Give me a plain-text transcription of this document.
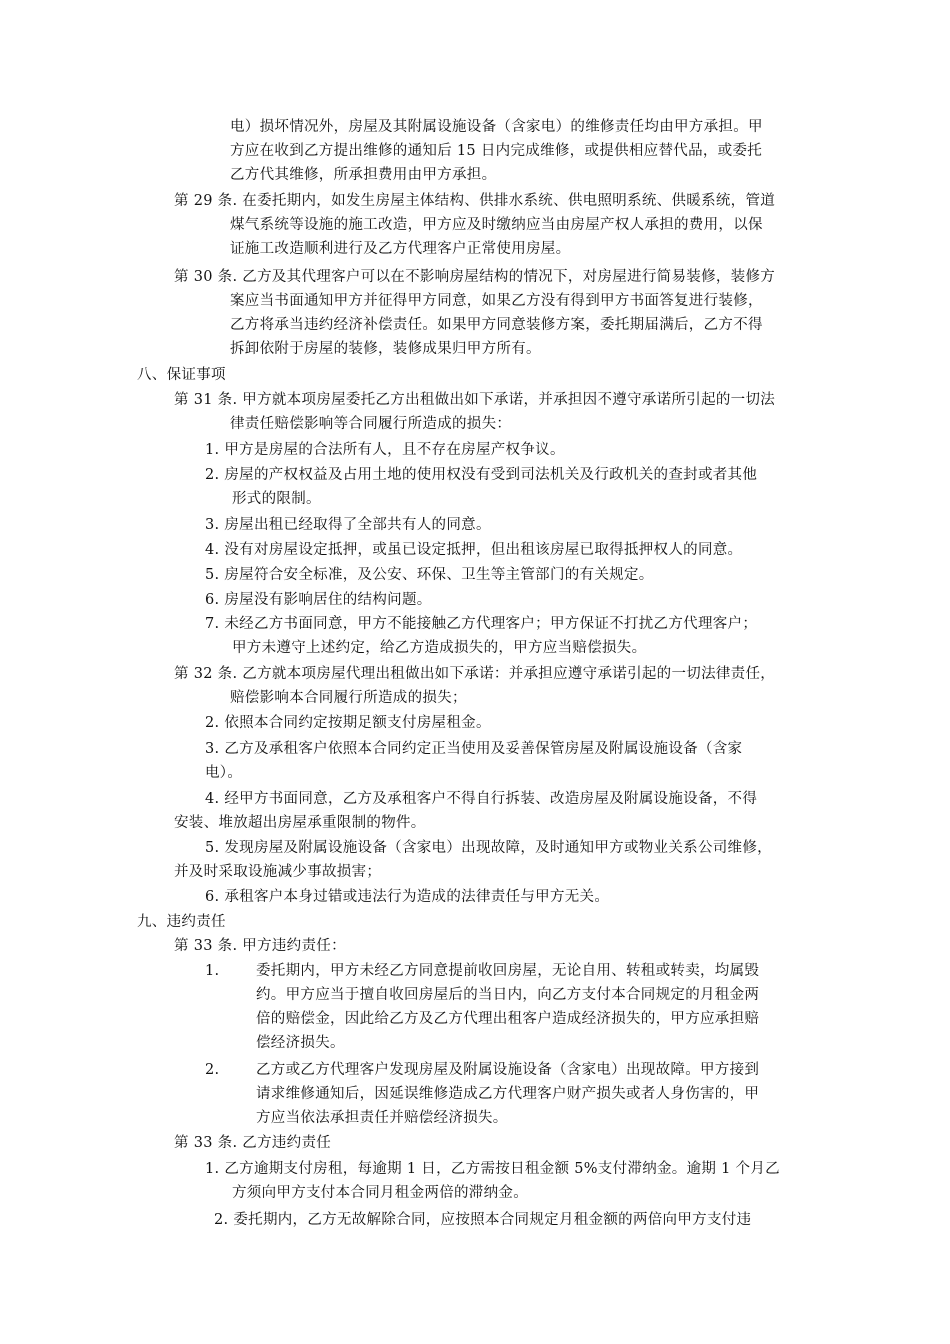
电）损坏情况外，房屋及其附属设施设备（含家电）的维修责任均由甲方承担。甲
方应在收到乙方提出维修的通知后 15 日内完成维修，或提供相应替代品，或委托
乙方代其维修，所承担费用由甲方承担。
第 29 条. 在委托期内，如发生房屋主体结构、供排水系统、供电照明系统、供暖系统，管道
煤气系统等设施的施工改造，甲方应及时缴纳应当由房屋产权人承担的费用，以保
证施工改造顺利进行及乙方代理客户正常使用房屋。
第 30 条. 乙方及其代理客户可以在不影响房屋结构的情况下，对房屋进行简易装修，装修方
案应当书面通知甲方并征得甲方同意，如果乙方没有得到甲方书面答复进行装修，
乙方将承当违约经济补偿责任。如果甲方同意装修方案，委托期届满后，乙方不得
拆卸依附于房屋的装修，装修成果归甲方所有。
八、保证事项
第 31 条. 甲方就本项房屋委托乙方出租做出如下承诺，并承担因不遵守承诺所引起的一切法
律责任赔偿影响等合同履行所造成的损失：
1. 甲方是房屋的合法所有人，且不存在房屋产权争议。
2. 房屋的产权权益及占用土地的使用权没有受到司法机关及行政机关的查封或者其他
形式的限制。
3. 房屋出租已经取得了全部共有人的同意。
4. 没有对房屋设定抵押，或虽已设定抵押，但出租该房屋已取得抵押权人的同意。
5. 房屋符合安全标准，及公安、环保、卫生等主管部门的有关规定。
6. 房屋没有影响居住的结构问题。
7. 未经乙方书面同意，甲方不能接触乙方代理客户；甲方保证不打扰乙方代理客户；
甲方未遵守上述约定，给乙方造成损失的，甲方应当赔偿损失。
第 32 条. 乙方就本项房屋代理出租做出如下承诺：并承担应遵守承诺引起的一切法律责任，
赔偿影响本合同履行所造成的损失；
2. 依照本合同约定按期足额支付房屋租金。
3. 乙方及承租客户依照本合同约定正当使用及妥善保管房屋及附属设施设备（含家
电）。
4. 经甲方书面同意，乙方及承租客户不得自行拆装、改造房屋及附属设施设备，不得
安装、堆放超出房屋承重限制的物件。
5. 发现房屋及附属设施设备（含家电）出现故障，及时通知甲方或物业关系公司维修，
并及时采取设施减少事故损害；
6. 承租客户本身过错或违法行为造成的法律责任与甲方无关。
九、违约责任
第 33 条. 甲方违约责任：
1.	委托期内，甲方未经乙方同意提前收回房屋，无论自用、转租或转卖，均属毁
约。甲方应当于擅自收回房屋后的当日内，向乙方支付本合同规定的月租金两
倍的赔偿金，因此给乙方及乙方代理出租客户造成经济损失的，甲方应承担赔
偿经济损失。
2.	乙方或乙方代理客户发现房屋及附属设施设备（含家电）出现故障。甲方接到
请求维修通知后，因延误维修造成乙方代理客户财产损失或者人身伤害的，甲
方应当依法承担责任并赔偿经济损失。
第 33 条. 乙方违约责任
1. 乙方逾期支付房租，每逾期 1 日，乙方需按日租金额 5%支付滞纳金。逾期 1 个月乙
方须向甲方支付本合同月租金两倍的滞纳金。
2. 委托期内，乙方无故解除合同，应按照本合同规定月租金额的两倍向甲方支付违
